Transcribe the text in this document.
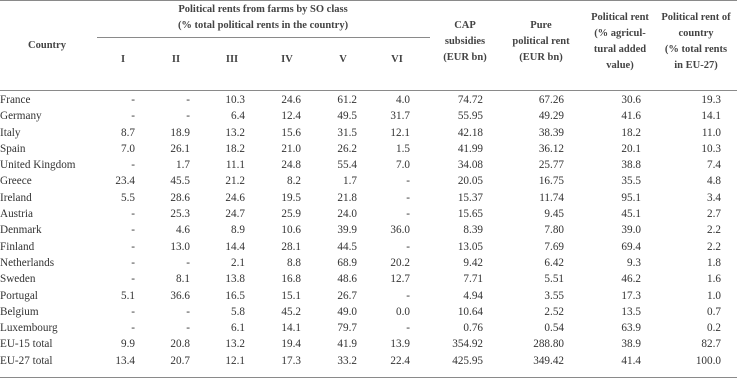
Country
Political rents from farms by SO class
(% total political rents in the country)
I	II	III	IV	V	VI
CAP
subsidies
(EUR bn)
Pure
political rent
(EUR bn)
Political rent
(% agricul-
tural added
value)
Political rent of
country
(% total rents
in EU-27)
France	-	-	10.3	24.6	61.2	4.0	74.72	67.26	30.6	19.3
Germany	-	-	6.4	12.4	49.5	31.7	55.95	49.29	41.6	14.1
Italy	8.7	18.9	13.2	15.6	31.5	12.1	42.18	38.39	18.2	11.0
Spain	7.0	26.1	18.2	21.0	26.2	1.5	41.99	36.12	20.1	10.3
United Kingdom	-	1.7	11.1	24.8	55.4	7.0	34.08	25.77	38.8	7.4
Greece	23.4	45.5	21.2	8.2	1.7	-	20.05	16.75	35.5	4.8
Ireland	5.5	28.6	24.6	19.5	21.8	-	15.37	11.74	95.1	3.4
Austria	-	25.3	24.7	25.9	24.0	-	15.65	9.45	45.1	2.7
Denmark	-	4.6	8.9	10.6	39.9	36.0	8.39	7.80	39.0	2.2
Finland	-	13.0	14.4	28.1	44.5	-	13.05	7.69	69.4	2.2
Netherlands	-	-	2.1	8.8	68.9	20.2	9.42	6.42	9.3	1.8
Sweden	-	8.1	13.8	16.8	48.6	12.7	7.71	5.51	46.2	1.6
Portugal	5.1	36.6	16.5	15.1	26.7	-	4.94	3.55	17.3	1.0
Belgium	-	-	5.8	45.2	49.0	0.0	10.64	2.52	13.5	0.7
Luxembourg	-	-	6.1	14.1	79.7	-	0.76	0.54	63.9	0.2
EU-15 total	9.9	20.8	13.2	19.4	41.9	13.9	354.92	288.80	38.9	82.7
EU-27 total	13.4	20.7	12.1	17.3	33.2	22.4	425.95	349.42	41.4	100.0
